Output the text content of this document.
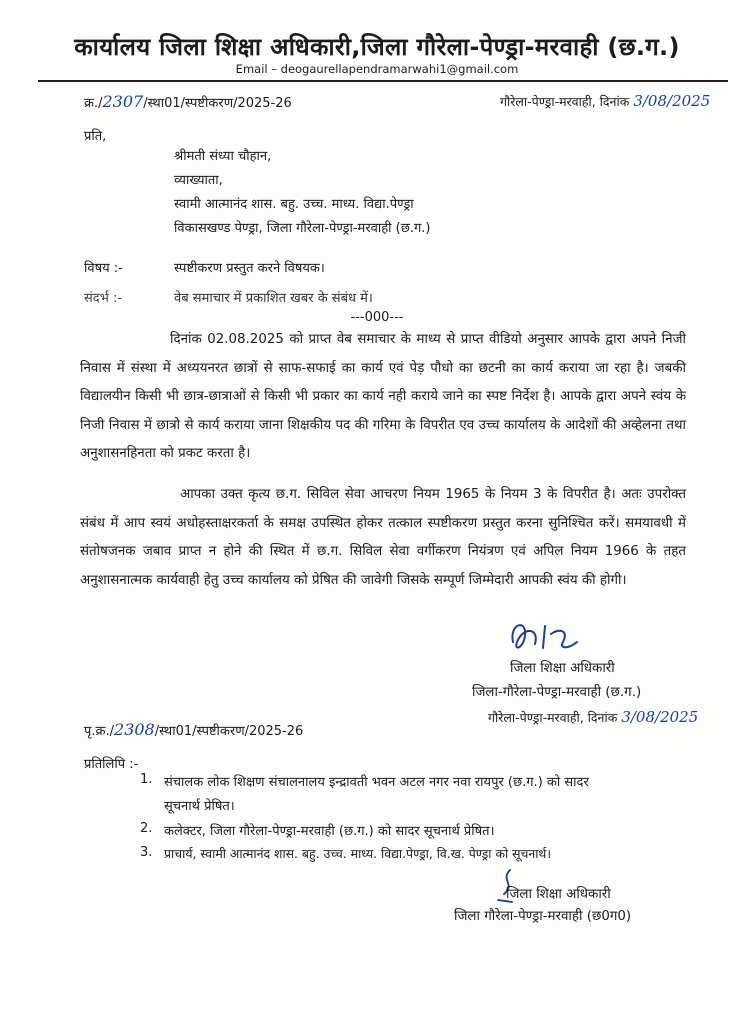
कार्यालय जिला शिक्षा अधिकारी,जिला गौरेला-पेण्ड्रा-मरवाही (छ.ग.)
Email – deogaurellapendramarwahi1@gmail.com
क्र./2307/स्था01/स्पष्टीकरण/2025-26	गौरेला-पेण्ड्रा-मरवाही, दिनांक 3/08/2025
प्रति,
श्रीमती संध्या चौहान,
व्याख्याता,
स्वामी आत्मानंद शास. बहु. उच्च. माध्य. विद्या.पेण्ड्रा
विकासखण्ड पेण्ड्रा, जिला गौरेला-पेण्ड्रा-मरवाही (छ.ग.)
विषय :-	स्पष्टीकरण प्रस्तुत करने विषयक।
संदर्भ :-	वेब समाचार में प्रकाशित खबर के संबंध में।
---000---
दिनांक 02.08.2025 को प्राप्त वेब समाचार के माध्य से प्राप्त वीडियो अनुसार आपके द्वारा अपने निजी निवास में संस्था में अध्ययनरत छात्रों से साफ-सफाई का कार्य एवं पेड़ पौधो का छटनी का कार्य कराया जा रहा है। जबकी विद्यालयीन किसी भी छात्र-छात्राओं से किसी भी प्रकार का कार्य नही कराये जाने का स्पष्ट निर्देश है। आपके द्वारा अपने स्वंय के निजी निवास में छात्रो से कार्य कराया जाना शिक्षकीय पद की गरिमा के विपरीत एव उच्च कार्यालय के आदेशों की अव्हेलना तथा अनुशासनहिनता को प्रकट करता है।
आपका उक्त कृत्य छ.ग. सिविल सेवा आचरण नियम 1965 के नियम 3 के विपरीत है। अतः उपरोक्त संबंध में आप स्वयं अधोहस्ताक्षरकर्ता के समक्ष उपस्थित होकर तत्काल स्पष्टीकरण प्रस्तुत करना सुनिश्चित करें। समयावधी में संतोषजनक जबाव प्राप्त न होने की स्थित में छ.ग. सिविल सेवा वर्गीकरण नियंत्रण एवं अपिल नियम 1966 के तहत अनुशासनात्मक कार्यवाही हेतु उच्च कार्यालय को प्रेषित की जावेगी जिसके सम्पूर्ण जिम्मेदारी आपकी स्वंय की होगी।
जिला शिक्षा अधिकारी
जिला-गौरेला-पेण्ड्रा-मरवाही (छ.ग.)
पृ.क्र./2308/स्था01/स्पष्टीकरण/2025-26
गौरेला-पेण्ड्रा-मरवाही, दिनांक 3/08/2025
प्रतिलिपि :-
1. संचालक लोक शिक्षण संचालनालय इन्द्रावती भवन अटल नगर नवा रायपुर (छ.ग.) को सादर
सूचनार्थ प्रेषित।
2. कलेक्टर, जिला गौरेला-पेण्ड्रा-मरवाही (छ.ग.) को सादर सूचनार्थ प्रेषित।
3. प्राचार्य, स्वामी आत्मानंद शास. बहु. उच्च. माध्य. विद्या.पेण्ड्रा, वि.ख. पेण्ड्रा को सूचनार्थ।
जिला शिक्षा अधिकारी
जिला गौरेला-पेण्ड्रा-मरवाही (छ0ग0)
